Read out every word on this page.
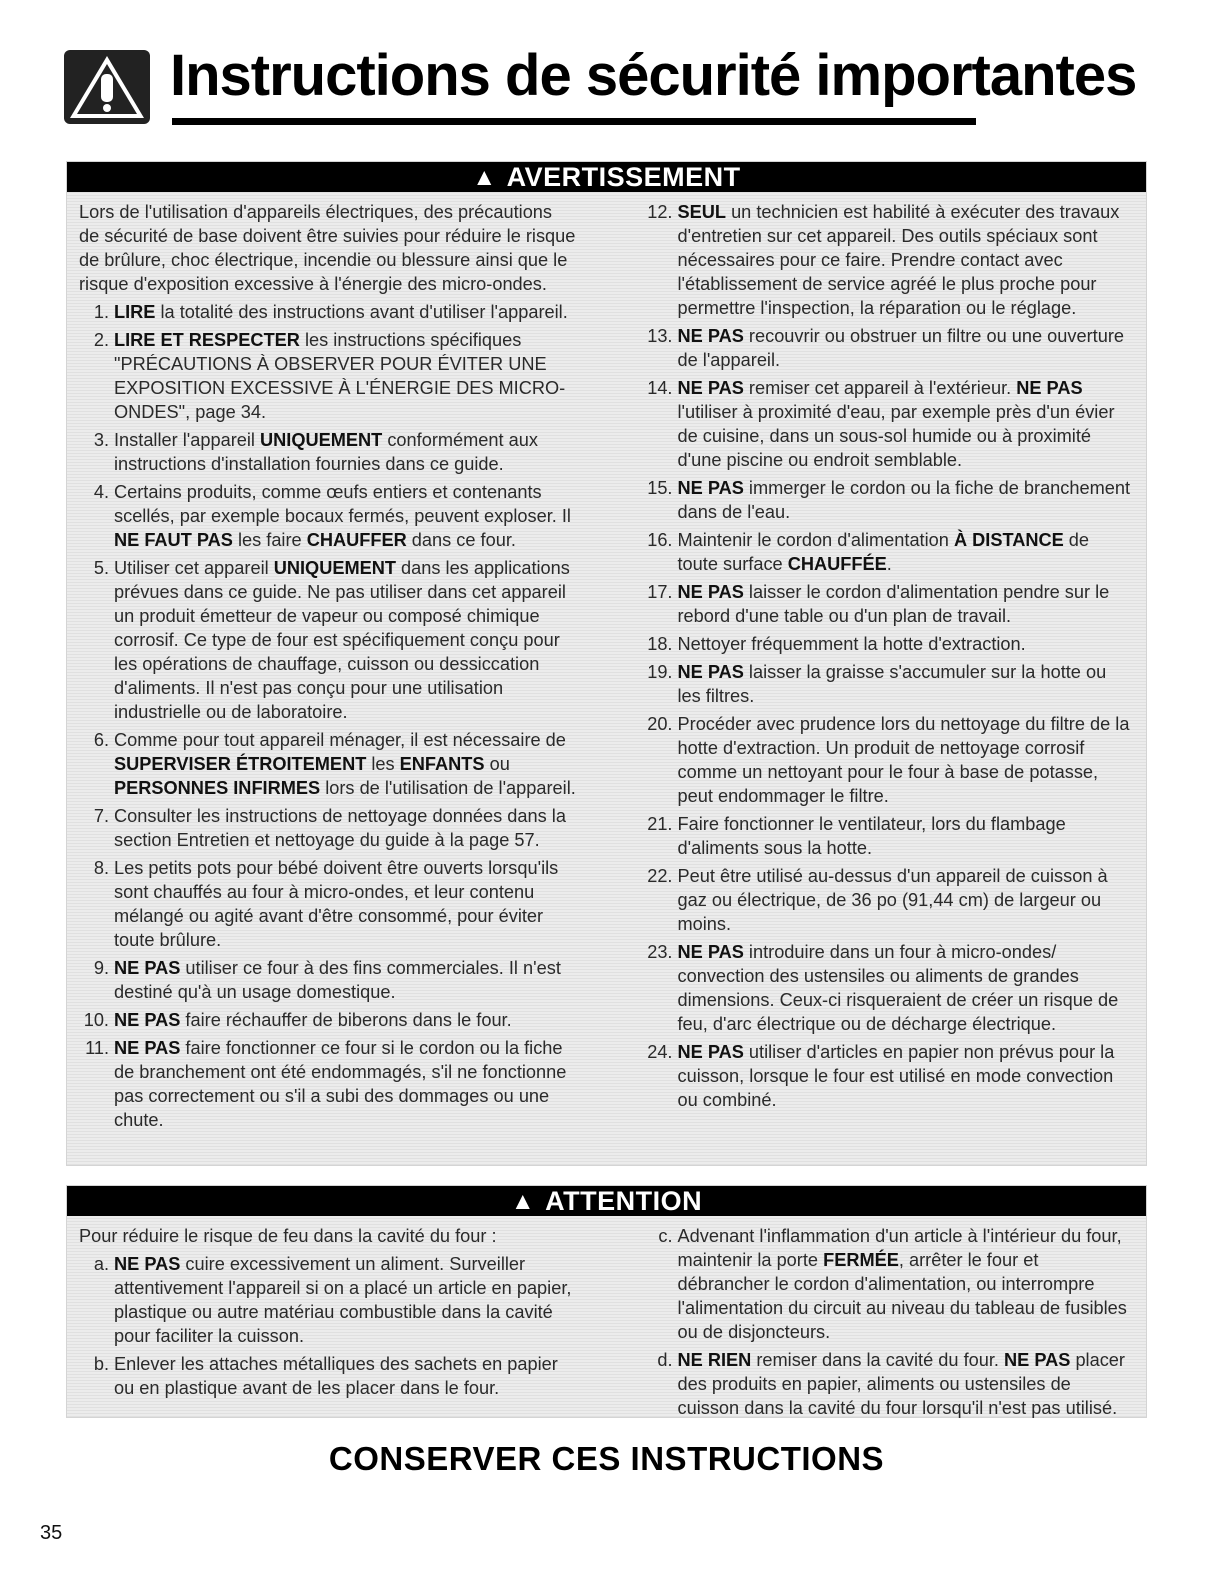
Instructions de sécurité importantes
▲ AVERTISSEMENT

Lors de l'utilisation d'appareils électriques, des précautions de sécurité de base doivent être suivies pour réduire le risque de brûlure, choc électrique, incendie ou blessure ainsi que le risque d'exposition excessive à l'énergie des micro-ondes.

1. LIRE la totalité des instructions avant d'utiliser l'appareil.
2. LIRE ET RESPECTER les instructions spécifiques "PRÉCAUTIONS À OBSERVER POUR ÉVITER UNE EXPOSITION EXCESSIVE À L'ÉNERGIE DES MICRO-ONDES", page 34.
3. Installer l'appareil UNIQUEMENT conformément aux instructions d'installation fournies dans ce guide.
4. Certains produits, comme œufs entiers et contenants scellés, par exemple bocaux fermés, peuvent exploser. Il NE FAUT PAS les faire CHAUFFER dans ce four.
5. Utiliser cet appareil UNIQUEMENT dans les applications prévues dans ce guide. Ne pas utiliser dans cet appareil un produit émetteur de vapeur ou composé chimique corrosif. Ce type de four est spécifiquement conçu pour les opérations de chauffage, cuisson ou dessiccation d'aliments. Il n'est pas conçu pour une utilisation industrielle ou de laboratoire.
6. Comme pour tout appareil ménager, il est nécessaire de SUPERVISER ÉTROITEMENT les ENFANTS ou PERSONNES INFIRMES lors de l'utilisation de l'appareil.
7. Consulter les instructions de nettoyage données dans la section Entretien et nettoyage du guide à la page 57.
8. Les petits pots pour bébé doivent être ouverts lorsqu'ils sont chauffés au four à micro-ondes, et leur contenu mélangé ou agité avant d'être consommé, pour éviter toute brûlure.
9. NE PAS utiliser ce four à des fins commerciales. Il n'est destiné qu'à un usage domestique.
10. NE PAS faire réchauffer de biberons dans le four.
11. NE PAS faire fonctionner ce four si le cordon ou la fiche de branchement ont été endommagés, s'il ne fonctionne pas correctement ou s'il a subi des dommages ou une chute.
12. SEUL un technicien est habilité à exécuter des travaux d'entretien sur cet appareil. Des outils spéciaux sont nécessaires pour ce faire. Prendre contact avec l'établissement de service agréé le plus proche pour permettre l'inspection, la réparation ou le réglage.
13. NE PAS recouvrir ou obstruer un filtre ou une ouverture de l'appareil.
14. NE PAS remiser cet appareil à l'extérieur. NE PAS l'utiliser à proximité d'eau, par exemple près d'un évier de cuisine, dans un sous-sol humide ou à proximité d'une piscine ou endroit semblable.
15. NE PAS immerger le cordon ou la fiche de branchement dans de l'eau.
16. Maintenir le cordon d'alimentation À DISTANCE de toute surface CHAUFFÉE.
17. NE PAS laisser le cordon d'alimentation pendre sur le rebord d'une table ou d'un plan de travail.
18. Nettoyer fréquemment la hotte d'extraction.
19. NE PAS laisser la graisse s'accumuler sur la hotte ou les filtres.
20. Procéder avec prudence lors du nettoyage du filtre de la hotte d'extraction. Un produit de nettoyage corrosif comme un nettoyant pour le four à base de potasse, peut endommager le filtre.
21. Faire fonctionner le ventilateur, lors du flambage d'aliments sous la hotte.
22. Peut être utilisé au-dessus d'un appareil de cuisson à gaz ou électrique, de 36 po (91,44 cm) de largeur ou moins.
23. NE PAS introduire dans un four à micro-ondes/ convection des ustensiles ou aliments de grandes dimensions. Ceux-ci risqueraient de créer un risque de feu, d'arc électrique ou de décharge électrique.
24. NE PAS utiliser d'articles en papier non prévus pour la cuisson, lorsque le four est utilisé en mode convection ou combiné.
▲ ATTENTION

Pour réduire le risque de feu dans la cavité du four :

a. NE PAS cuire excessivement un aliment. Surveiller attentivement l'appareil si on a placé un article en papier, plastique ou autre matériau combustible dans la cavité pour faciliter la cuisson.
b. Enlever les attaches métalliques des sachets en papier ou en plastique avant de les placer dans le four.
c. Advenant l'inflammation d'un article à l'intérieur du four, maintenir la porte FERMÉE, arrêter le four et débrancher le cordon d'alimentation, ou interrompre l'alimentation du circuit au niveau du tableau de fusibles ou de disjoncteurs.
d. NE RIEN remiser dans la cavité du four. NE PAS placer des produits en papier, aliments ou ustensiles de cuisson dans la cavité du four lorsqu'il n'est pas utilisé.
CONSERVER CES INSTRUCTIONS
35
